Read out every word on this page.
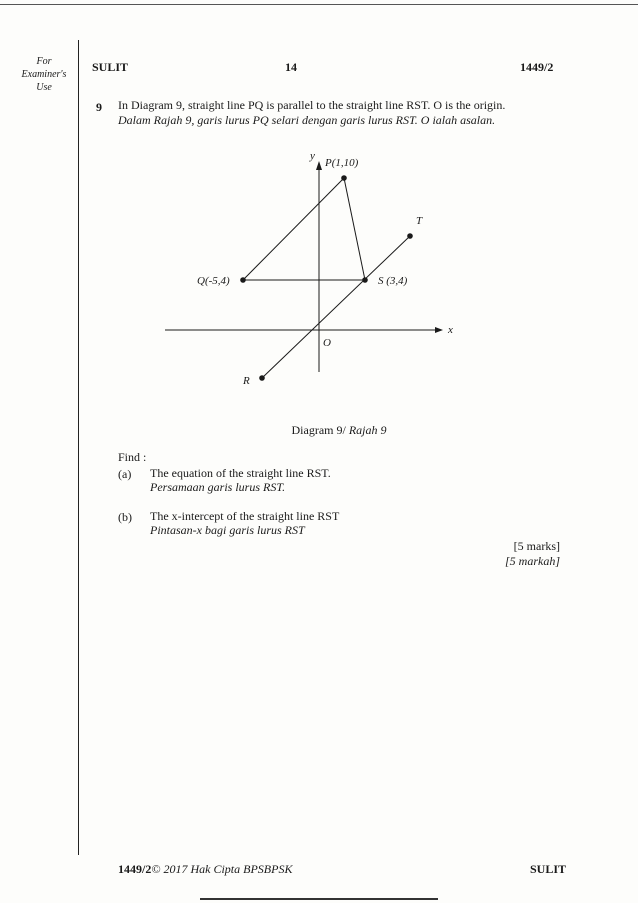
For
Examiner's
Use
SULIT	14	1449/2
9 In Diagram 9, straight line PQ is parallel to the straight line RST. O is the origin.
Dalam Rajah 9, garis lurus PQ selari dengan garis lurus RST. O ialah asalan.
y
x
O
P(1,10)
Q(-5,4)	S (3,4)
T
R
Diagram 9/ Rajah 9
Find :
(a) The equation of the straight line RST.
Persamaan garis lurus RST.
(b) The x-intercept of the straight line RST
Pintasan-x bagi garis lurus RST
[5 marks]
[5 markah]
1449/2© 2017 Hak Cipta BPSBPSK	SULIT
